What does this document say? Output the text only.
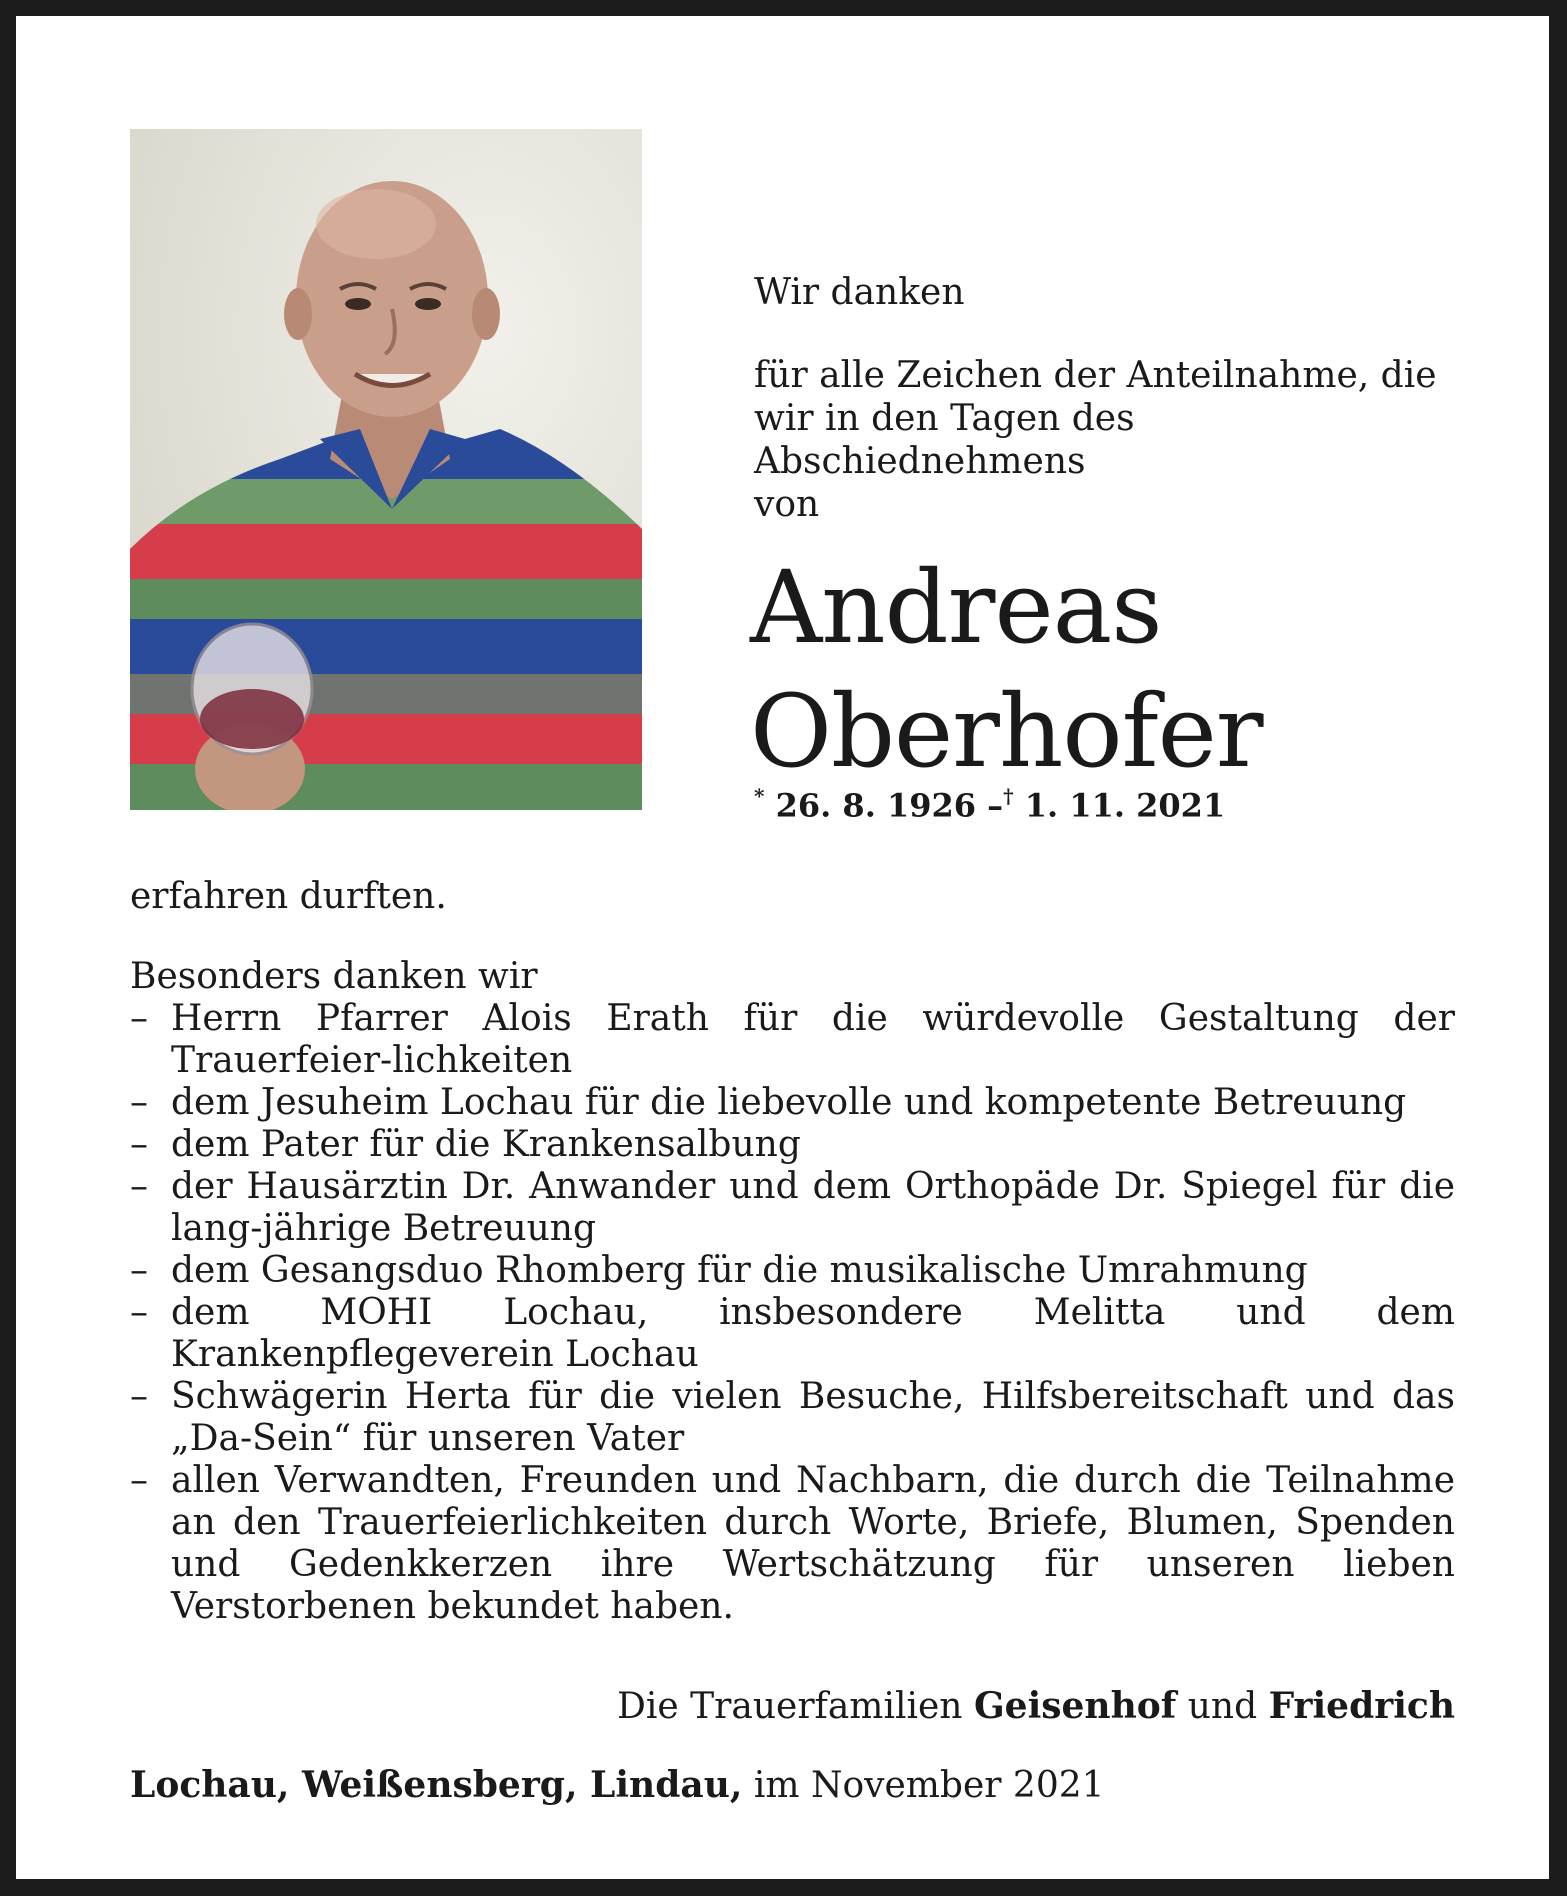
Wir danken
für alle Zeichen der Anteilnahme, die
wir in den Tagen des Abschiednehmens
von
Andreas
Oberhofer
* 26. 8. 1926 –† 1. 11. 2021

erfahren durften.

Besonders danken wir

– Herrn Pfarrer Alois Erath für die würdevolle Gestaltung der Trauerfeier-lichkeiten
– dem Jesuheim Lochau für die liebevolle und kompetente Betreuung
– dem Pater für die Krankensalbung
– der Hausärztin Dr. Anwander und dem Orthopäde Dr. Spiegel für die lang-jährige Betreuung
– dem Gesangsduo Rhomberg für die musikalische Umrahmung
– dem MOHI Lochau, insbesondere Melitta und dem Krankenpflegeverein Lochau
– Schwägerin Herta für die vielen Besuche, Hilfsbereitschaft und das „Da-Sein“ für unseren Vater
– allen Verwandten, Freunden und Nachbarn, die durch die Teilnahme an den Trauerfeierlichkeiten durch Worte, Briefe, Blumen, Spenden und Gedenkkerzen ihre Wertschätzung für unseren lieben Verstorbenen bekundet haben.
Die Trauerfamilien Geisenhof und Friedrich
Lochau, Weißensberg, Lindau, im November 2021
